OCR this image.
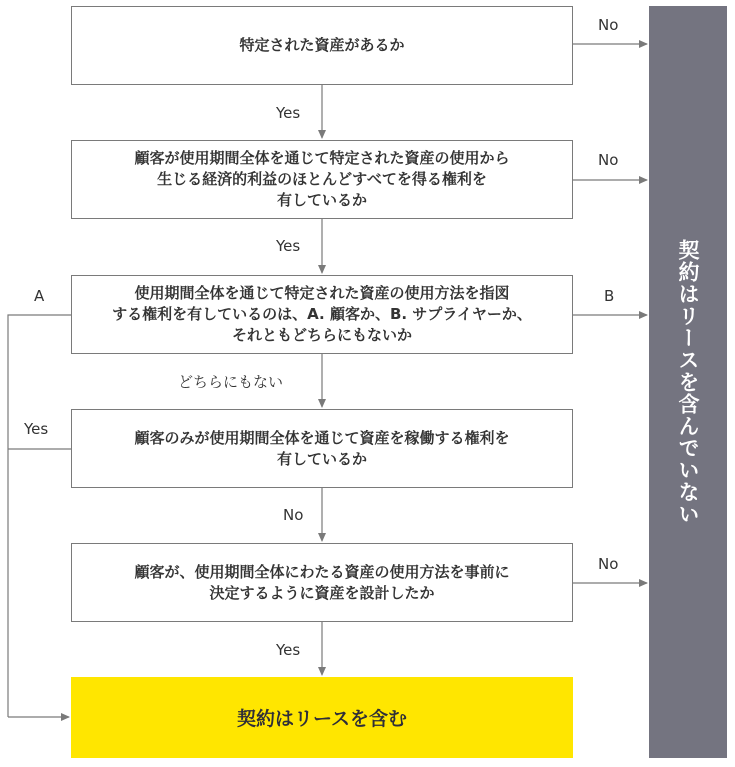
特定された資産があるか
顧客が使用期間全体を通じて特定された資産の使用から
生じる経済的利益のほとんどすべてを得る権利を
有しているか
使用期間全体を通じて特定された資産の使用方法を指図
する権利を有しているのは、A. 顧客か、B. サプライヤーか、
それともどちらにもないか
顧客のみが使用期間全体を通じて資産を稼働する権利を
有しているか
顧客が、使用期間全体にわたる資産の使用方法を事前に
決定するように資産を設計したか
契約はリースを含む
契約はリースを含んでいない
No
Yes
No
Yes
A	B
どちらにもない
Yes
No
No
Yes
